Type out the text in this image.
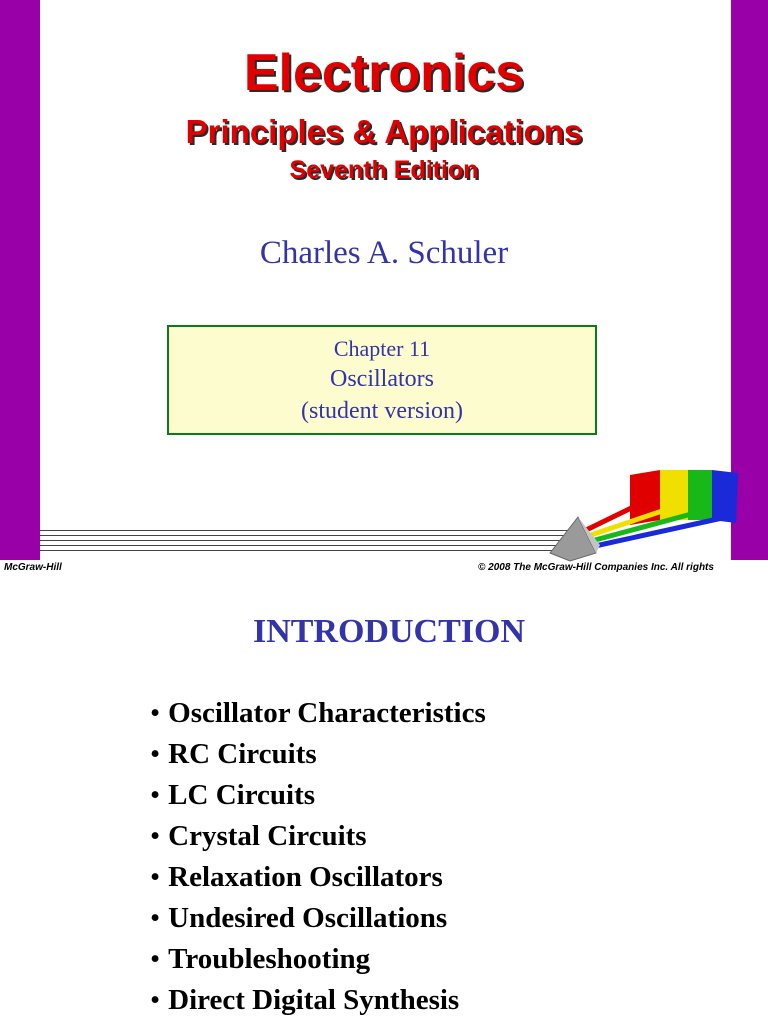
Electronics
Principles & Applications
Seventh Edition
Charles A. Schuler
Chapter 11
Oscillators
(student version)
McGraw-Hill	© 2008 The McGraw-Hill Companies Inc. All rights
INTRODUCTION
• Oscillator Characteristics
• RC Circuits
• LC Circuits
• Crystal Circuits
• Relaxation Oscillators
• Undesired Oscillations
• Troubleshooting
• Direct Digital Synthesis
